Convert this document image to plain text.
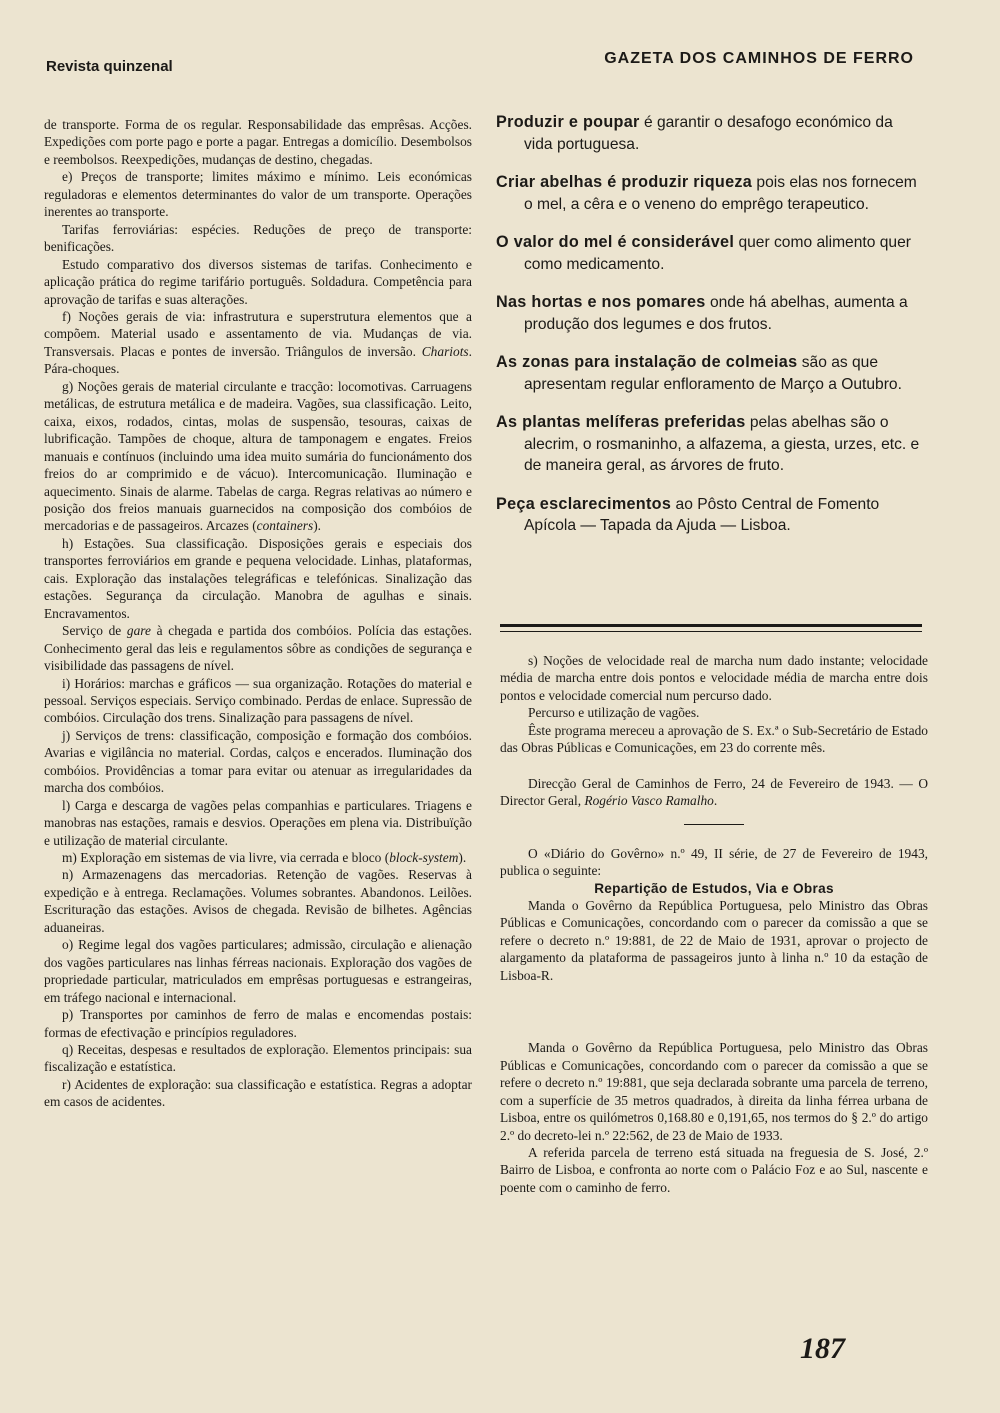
Revista quinzenal	GAZETA DOS CAMINHOS DE FERRO

de transporte. Forma de os regular. Responsabilidade das emprêsas. Acções. Expedições com porte pago e porte a pagar. Entregas a domicílio. Desembolsos e reembolsos. Reexpedições, mudanças de destino, chegadas.

e) Preços de transporte; limites máximo e mínimo. Leis económicas reguladoras e elementos determinantes do valor de um transporte. Operações inerentes ao transporte.

Tarifas ferroviárias: espécies. Reduções de preço de transporte: benificações.

Estudo comparativo dos diversos sistemas de tarifas. Conhecimento e aplicação prática do regime tarifário português. Soldadura. Competência para aprovação de tarifas e suas alterações.

f) Noções gerais de via: infrastrutura e superstrutura elementos que a compõem. Material usado e assentamento de via. Mudanças de via. Transversais. Placas e pontes de inversão. Triângulos de inversão. Chariots. Pára-choques.

g) Noções gerais de material circulante e tracção: locomotivas. Carruagens metálicas, de estrutura metálica e de madeira. Vagões, sua classificação. Leito, caixa, eixos, rodados, cintas, molas de suspensão, tesouras, caixas de lubrificação. Tampões de choque, altura de tamponagem e engates. Freios manuais e contínuos (incluindo uma idea muito sumária do funcionámento dos freios do ar comprimido e de vácuo). Intercomunicação. Iluminação e aquecimento. Sinais de alarme. Tabelas de carga. Regras relativas ao número e posição dos freios manuais guarnecidos na composição dos combóios de mercadorias e de passageiros. Arcazes (containers).

h) Estações. Sua classificação. Disposições gerais e especiais dos transportes ferroviários em grande e pequena velocidade. Linhas, plataformas, cais. Exploração das instalações telegráficas e telefónicas. Sinalização das estações. Segurança da circulação. Manobra de agulhas e sinais. Encravamentos.

Serviço de gare à chegada e partida dos combóios. Polícia das estações. Conhecimento geral das leis e regulamentos sôbre as condições de segurança e visibilidade das passagens de nível.

i) Horários: marchas e gráficos — sua organização. Rotações do material e pessoal. Serviços especiais. Serviço combinado. Perdas de enlace. Supressão de combóios. Circulação dos trens. Sinalização para passagens de nível.

j) Serviços de trens: classificação, composição e formação dos combóios. Avarias e vigilância no material. Cordas, calços e encerados. Iluminação dos combóios. Providências a tomar para evitar ou atenuar as irregularidades da marcha dos combóios.

l) Carga e descarga de vagões pelas companhias e particulares. Triagens e manobras nas estações, ramais e desvios. Operações em plena via. Distribuïção e utilização de material circulante.

m) Exploração em sistemas de via livre, via cerrada e bloco (block-system).

n) Armazenagens das mercadorias. Retenção de vagões. Reservas à expedição e à entrega. Reclamações. Volumes sobrantes. Abandonos. Leilões. Escrituração das estações. Avisos de chegada. Revisão de bilhetes. Agências aduaneiras.

o) Regime legal dos vagões particulares; admissão, circulação e alienação dos vagões particulares nas linhas férreas nacionais. Exploração dos vagões de propriedade particular, matriculados em emprêsas portuguesas e estrangeiras, em tráfego nacional e internacional.

p) Transportes por caminhos de ferro de malas e encomendas postais: formas de efectivação e princípios reguladores.

q) Receitas, despesas e resultados de exploração. Elementos principais: sua fiscalização e estatística.

r) Acidentes de exploração: sua classificação e estatística. Regras a adoptar em casos de acidentes.

Produzir e poupar é garantir o desafogo económico da vida portuguesa.

Criar abelhas é produzir riqueza pois elas nos fornecem o mel, a cêra e o veneno do emprêgo terapeutico.

O valor do mel é considerável quer como alimento quer como medicamento.

Nas hortas e nos pomares onde há abelhas, aumenta a produção dos legumes e dos frutos.

As zonas para instalação de colmeias são as que apresentam regular enfloramento de Março a Outubro.

As plantas melíferas preferidas pelas abelhas são o alecrim, o rosmaninho, a alfazema, a giesta, urzes, etc. e de maneira geral, as árvores de fruto.

Peça esclarecimentos ao Pôsto Central de Fomento Apícola — Tapada da Ajuda — Lisboa.

s) Noções de velocidade real de marcha num dado instante; velocidade média de marcha entre dois pontos e velocidade média de marcha entre dois pontos e velocidade comercial num percurso dado.

Percurso e utilização de vagões.

Êste programa mereceu a aprovação de S. Ex.ª o Sub-Secretário de Estado das Obras Públicas e Comunicações, em 23 do corrente mês.

Direcção Geral de Caminhos de Ferro, 24 de Fevereiro de 1943. — O Director Geral, Rogério Vasco Ramalho.

O «Diário do Govêrno» n.º 49, II série, de 27 de Fevereiro de 1943, publica o seguinte:

Repartição de Estudos, Via e Obras

Manda o Govêrno da República Portuguesa, pelo Ministro das Obras Públicas e Comunicações, concordando com o parecer da comissão a que se refere o decreto n.º 19:881, de 22 de Maio de 1931, aprovar o projecto de alargamento da plataforma de passageiros junto à linha n.º 10 da estação de Lisboa-R.

Manda o Govêrno da República Portuguesa, pelo Ministro das Obras Públicas e Comunicações, concordando com o parecer da comissão a que se refere o decreto n.º 19:881, que seja declarada sobrante uma parcela de terreno, com a superfície de 35 metros quadrados, à direita da linha férrea urbana de Lisboa, entre os quilómetros 0,168.80 e 0,191,65, nos termos do § 2.º do artigo 2.º do decreto-lei n.º 22:562, de 23 de Maio de 1933.

A referida parcela de terreno está situada na freguesia de S. José, 2.º Bairro de Lisboa, e confronta ao norte com o Palácio Foz e ao Sul, nascente e poente com o caminho de ferro.

187
